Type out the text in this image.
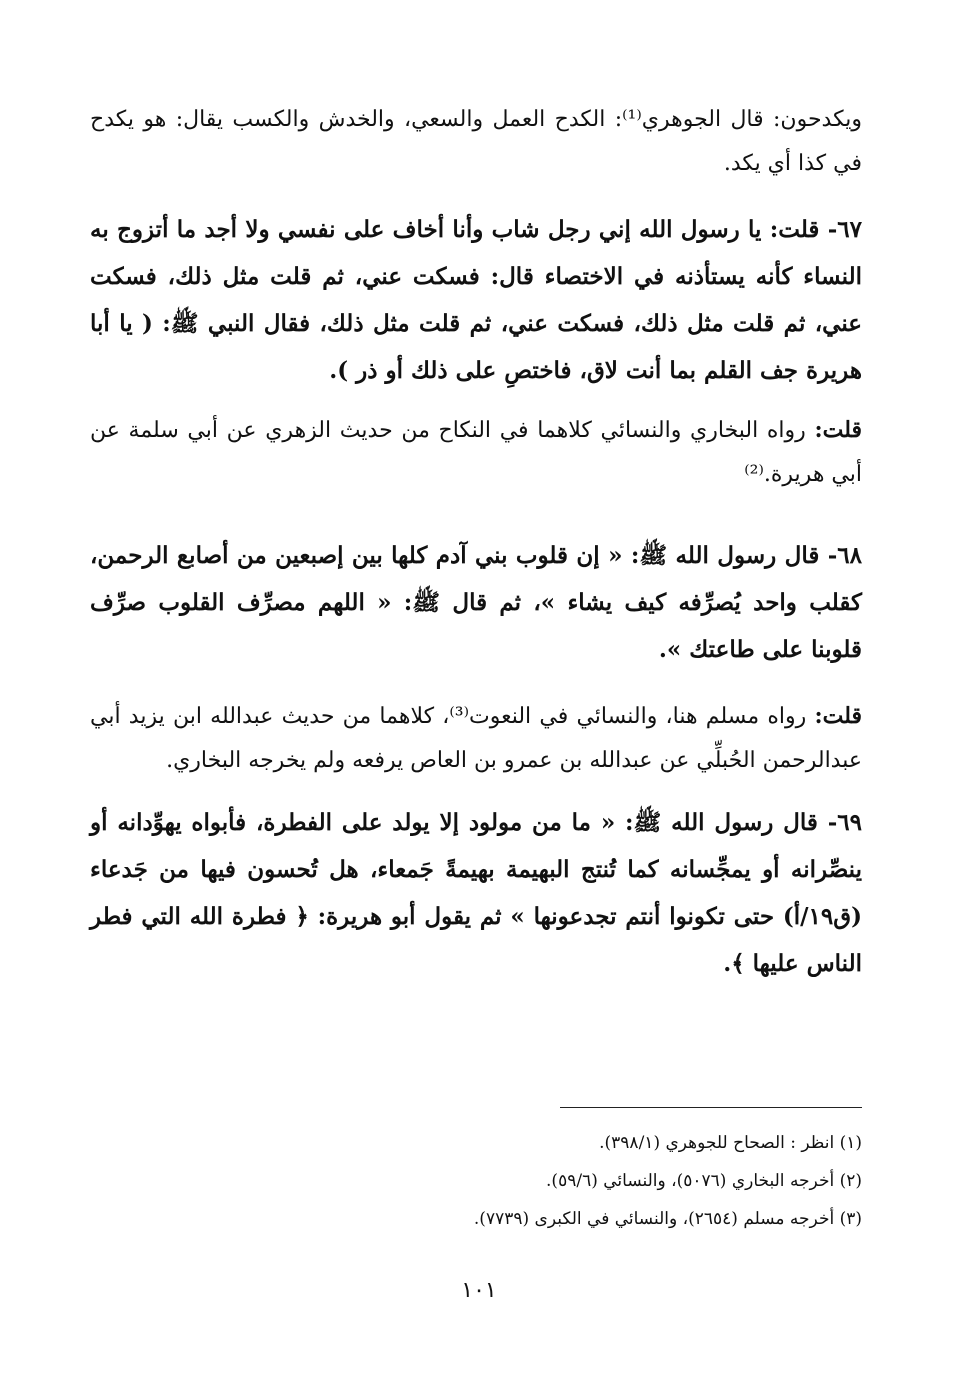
ويكدحون: قال الجوهري⁽¹⁾: الكدح العمل والسعي، والخدش والكسب يقال: هو يكدح في كذا أي يكد.

٦٧- قلت: يا رسول الله إني رجل شاب وأنا أخاف على نفسي ولا أجد ما أتزوج به النساء كأنه يستأذنه في الاختصاء قال: فسكت عني، ثم قلت مثل ذلك، فسكت عني، ثم قلت مثل ذلك، فسكت عني، ثم قلت مثل ذلك، فقال النبي ﷺ: ( يا أبا هريرة جف القلم بما أنت لاق، فاختصِ على ذلك أو ذر ).

قلت: رواه البخاري والنسائي كلاهما في النكاح من حديث الزهري عن أبي سلمة عن أبي هريرة.⁽²⁾

٦٨- قال رسول الله ﷺ: « إن قلوب بني آدم كلها بين إصبعين من أصابع الرحمن، كقلب واحد يُصرِّفه كيف يشاء »، ثم قال ﷺ: « اللهم مصرِّف القلوب صرِّف قلوبنا على طاعتك ».

قلت: رواه مسلم هنا، والنسائي في النعوت⁽³⁾، كلاهما من حديث عبدالله ابن يزيد أبي عبدالرحمن الحُبلِّي عن عبدالله بن عمرو بن العاص يرفعه ولم يخرجه البخاري.

٦٩- قال رسول الله ﷺ: « ما من مولود إلا يولد على الفطرة، فأبواه يهوِّدانه أو ينصِّرانه أو يمجِّسانه كما تُنتج البهيمة بهيمةً جَمعاء، هل تُحسون فيها من جَدعاء (ق١٩/أ) حتى تكونوا أنتم تجدعونها » ثم يقول أبو هريرة: ﴿ فطرة الله التي فطر الناس عليها ﴾.

(١) انظر : الصحاح للجوهري (٣٩٨/١).
(٢) أخرجه البخاري (٥٠٧٦)، والنسائي (٥٩/٦).
(٣) أخرجه مسلم (٢٦٥٤)، والنسائي في الكبرى (٧٧٣٩).
١٠١
